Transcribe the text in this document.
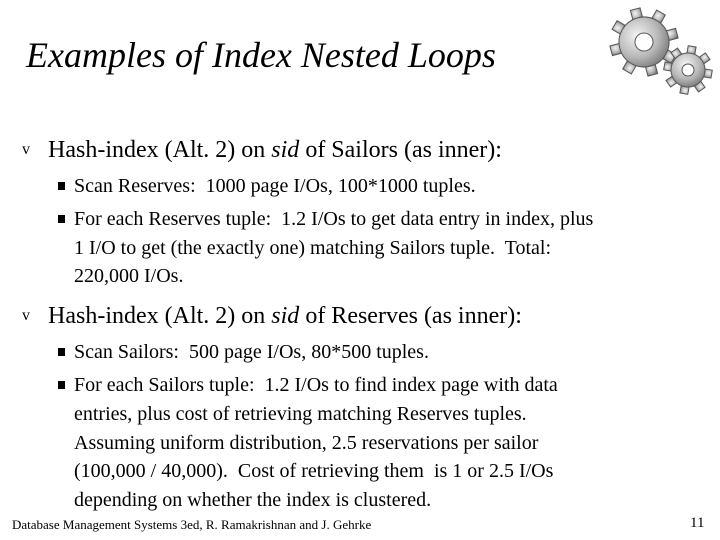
Examples of Index Nested Loops
v Hash-index (Alt. 2) on sid of Sailors (as inner):
Scan Reserves:  1000 page I/Os, 100*1000 tuples.
For each Reserves tuple:  1.2 I/Os to get data entry in index, plus
1 I/O to get (the exactly one) matching Sailors tuple.  Total:
220,000 I/Os.
v Hash-index (Alt. 2) on sid of Reserves (as inner):
Scan Sailors:  500 page I/Os, 80*500 tuples.
For each Sailors tuple:  1.2 I/Os to find index page with data
entries, plus cost of retrieving matching Reserves tuples.
Assuming uniform distribution, 2.5 reservations per sailor
(100,000 / 40,000).  Cost of retrieving them  is 1 or 2.5 I/Os
depending on whether the index is clustered.
Database Management Systems 3ed, R. Ramakrishnan and J. Gehrke	11
